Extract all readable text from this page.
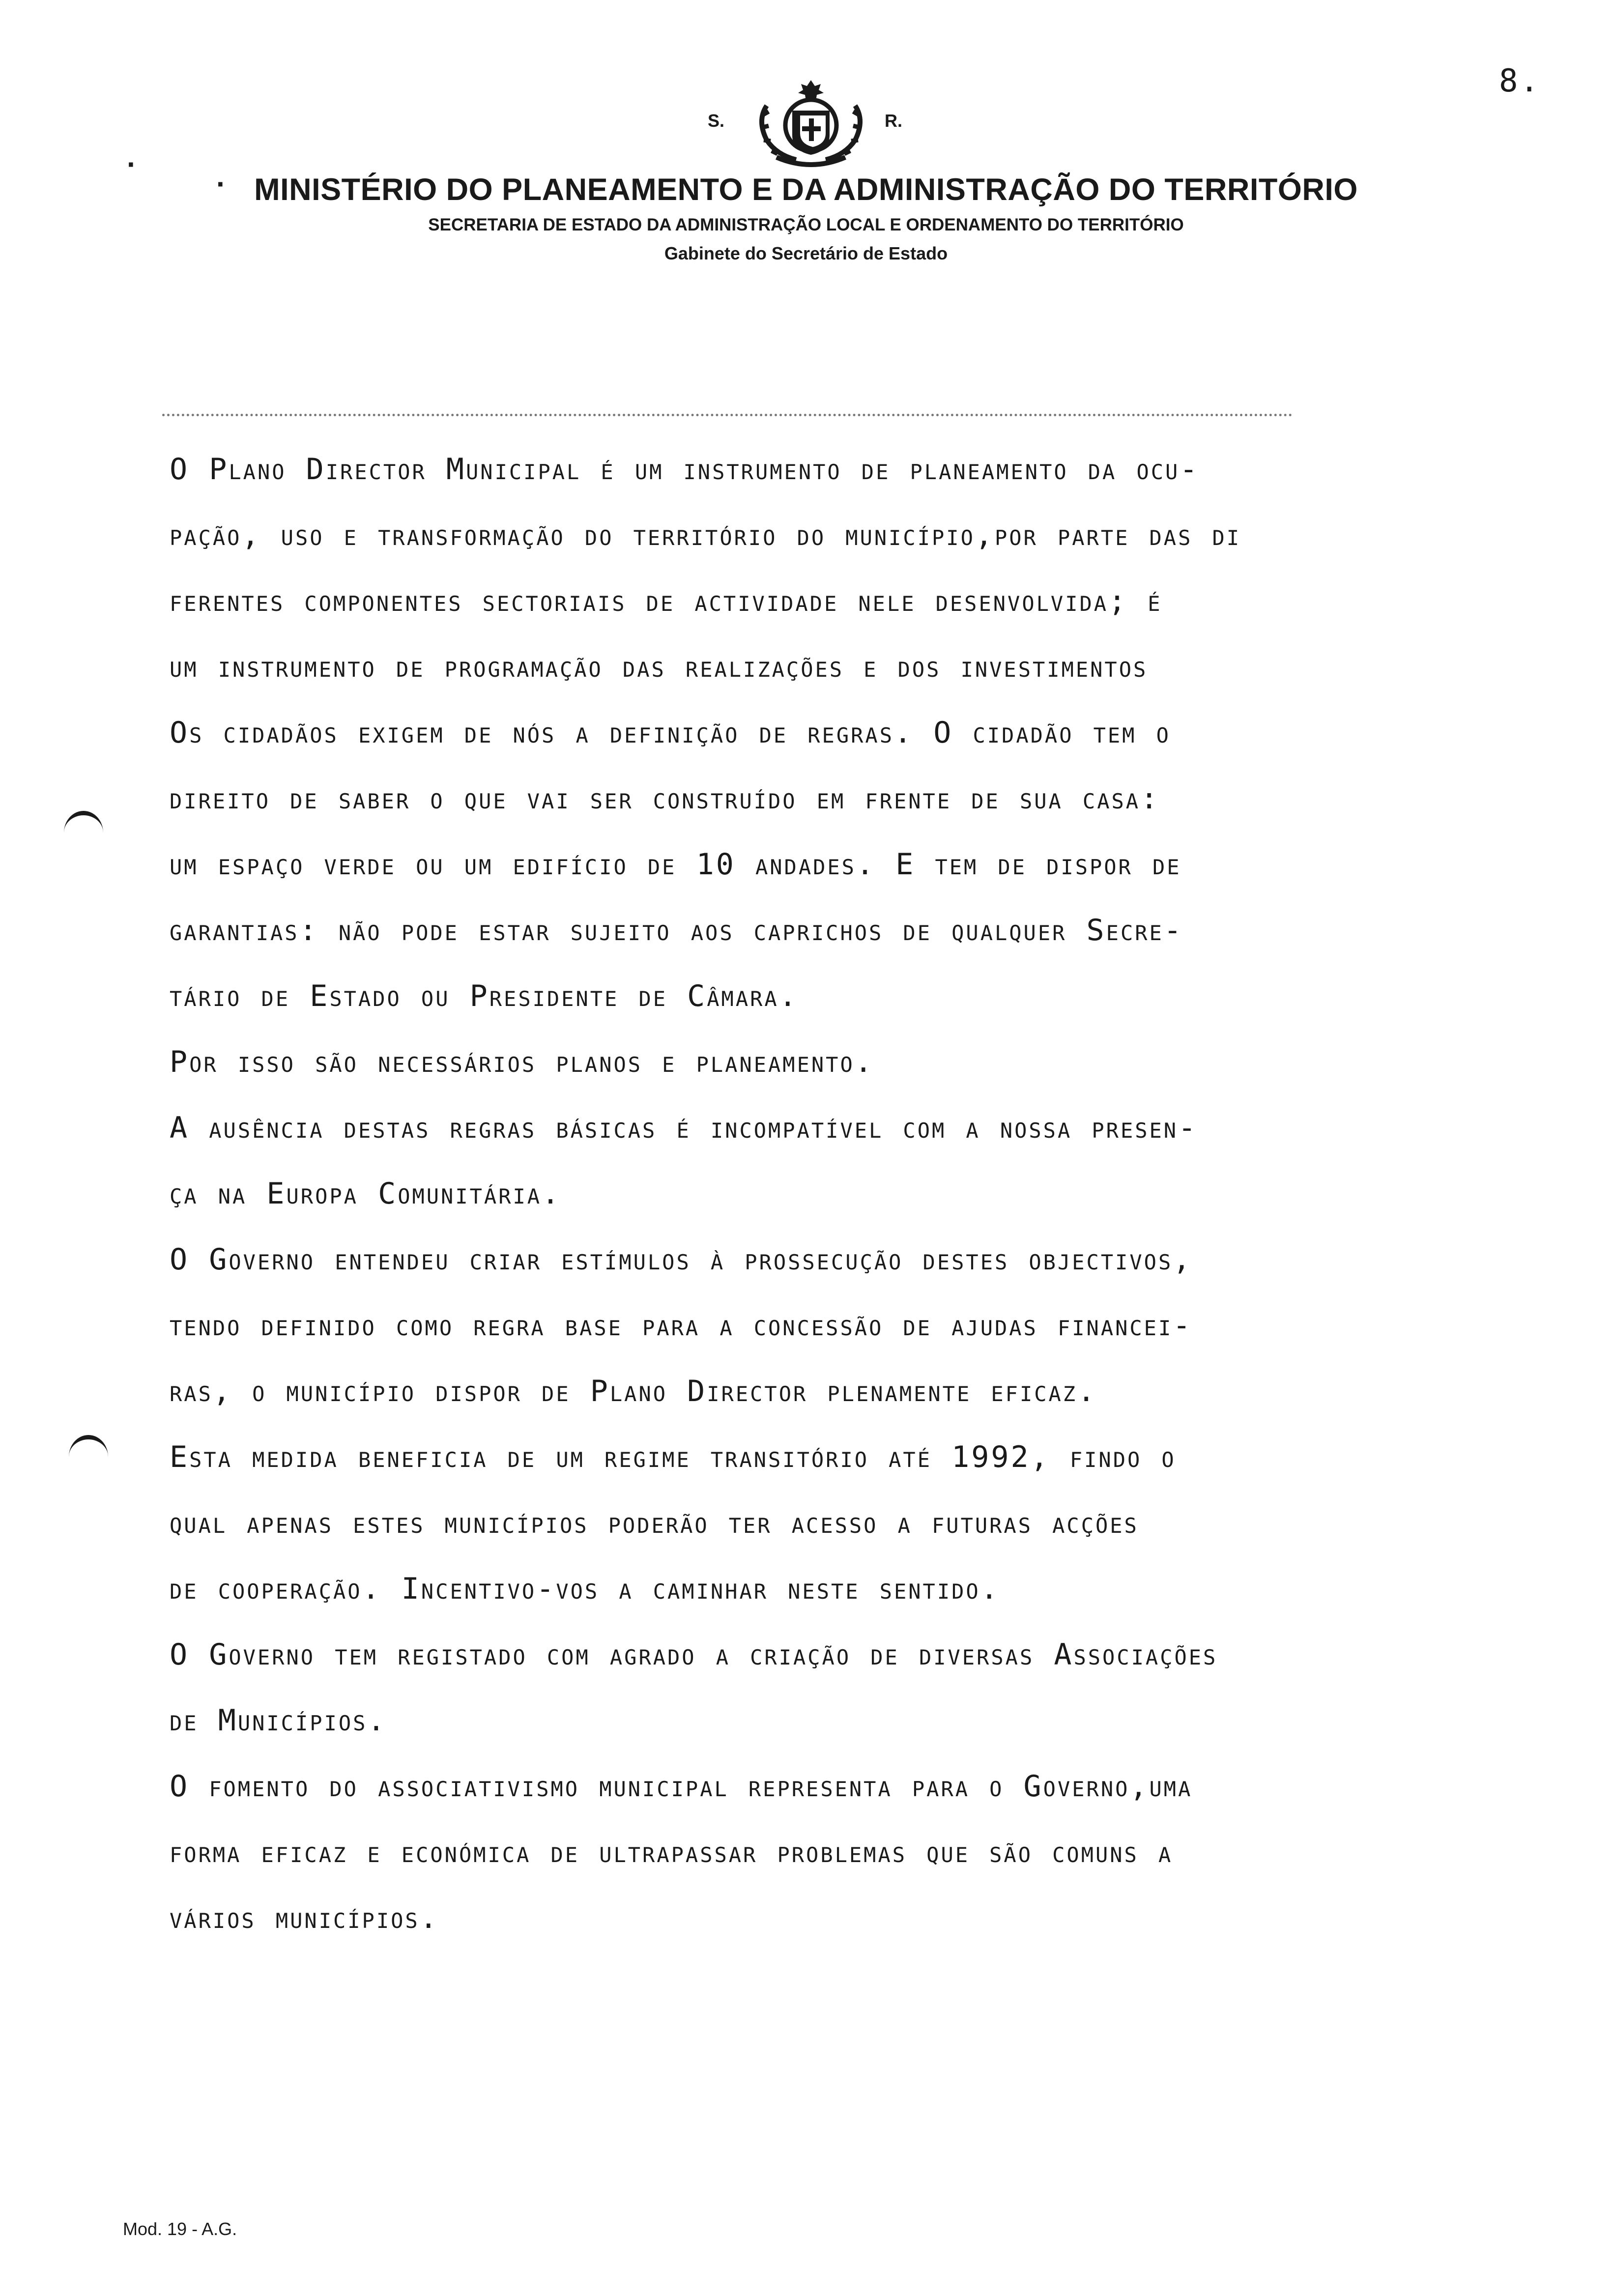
8.
S.	R.
MINISTÉRIO DO PLANEAMENTO E DA ADMINISTRAÇÃO DO TERRITÓRIO
SECRETARIA DE ESTADO DA ADMINISTRAÇÃO LOCAL E ORDENAMENTO DO TERRITÓRIO
Gabinete do Secretário de Estado
·
·
O Plano Director Municipal é um instrumento de planeamento da ocu-
pação, uso e transformação do território do município,por parte das di
ferentes componentes sectoriais de actividade nele desenvolvida; é
um instrumento de programação das realizações e dos investimentos
Os cidadãos exigem de nós a definição de regras. O cidadão tem o
direito de saber o que vai ser construído em frente de sua casa:
um espaço verde ou um edifício de 10 andades. E tem de dispor de
garantias: não pode estar sujeito aos caprichos de qualquer Secre-
tário de Estado ou Presidente de Câmara.
Por isso são necessários planos e planeamento.
A ausência destas regras básicas é incompatível com a nossa presen-
ça na Europa Comunitária.
O Governo entendeu criar estímulos à prossecução destes objectivos,
tendo definido como regra base para a concessão de ajudas financei-
ras, o município dispor de Plano Director plenamente eficaz.
Esta medida beneficia de um regime transitório até 1992, findo o
qual apenas estes municípios poderão ter acesso a futuras acções
de cooperação. Incentivo-vos a caminhar neste sentido.
O Governo tem registado com agrado a criação de diversas Associações
de Municípios.
O fomento do associativismo municipal representa para o Governo,uma
forma eficaz e económica de ultrapassar problemas que são comuns a
vários municípios.
Mod. 19 - A.G.
